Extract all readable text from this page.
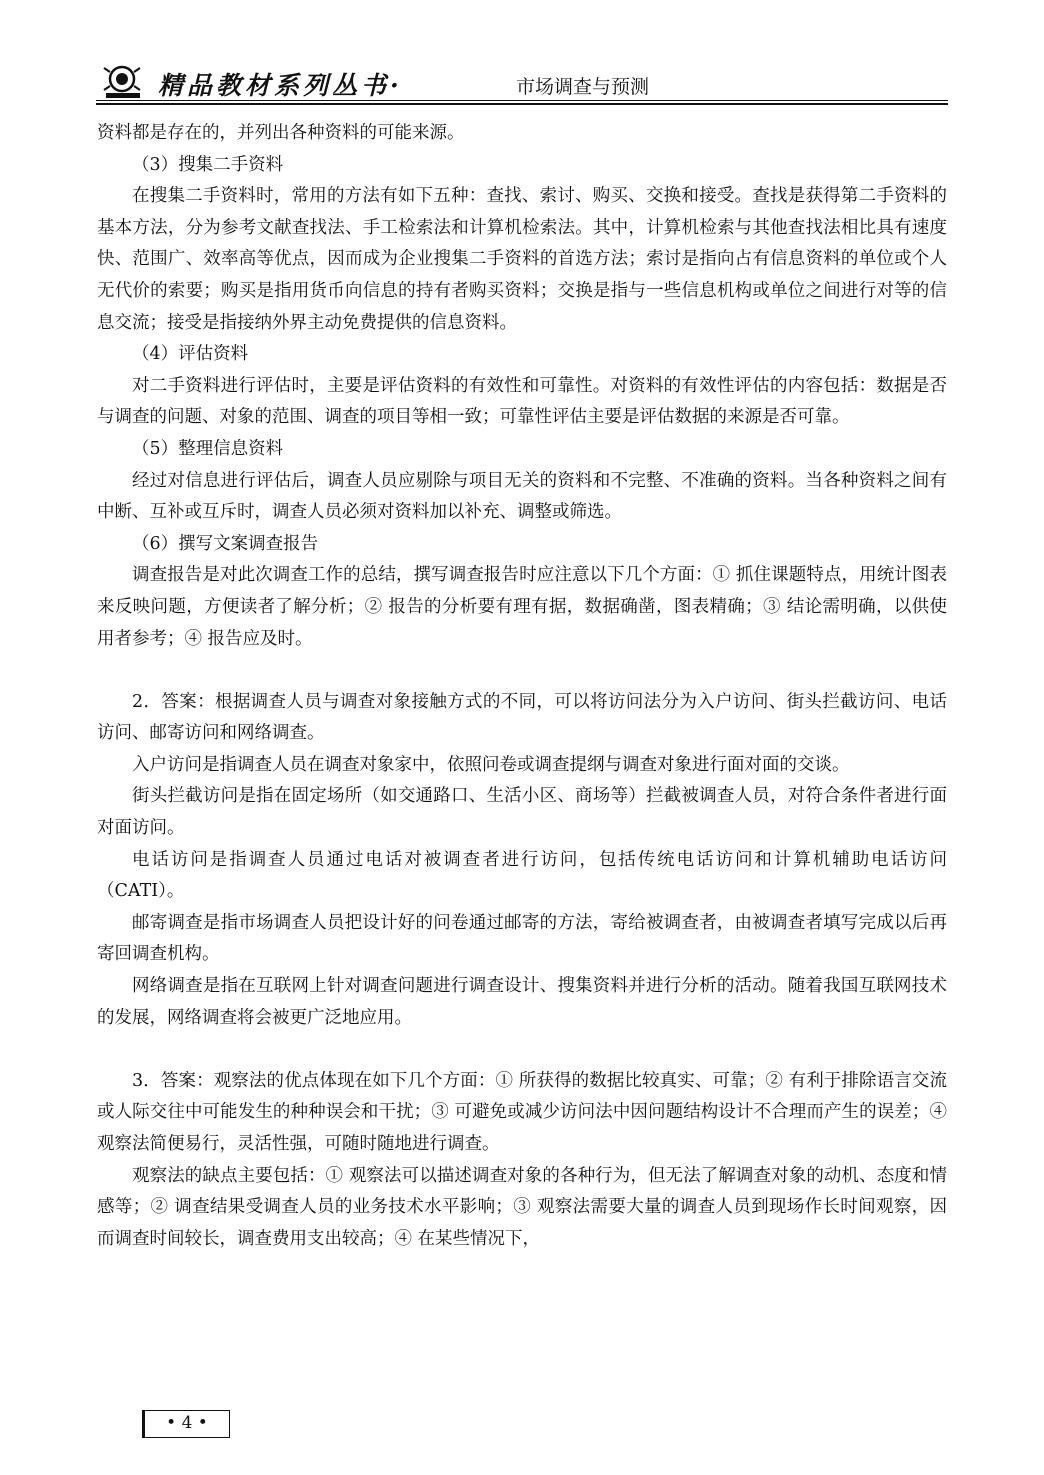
精品教材系列丛书·	市场调查与预测

资料都是存在的，并列出各种资料的可能来源。

（3）搜集二手资料

在搜集二手资料时，常用的方法有如下五种：查找、索讨、购买、交换和接受。查找是获得第二手资料的基本方法，分为参考文献查找法、手工检索法和计算机检索法。其中，计算机检索与其他查找法相比具有速度快、范围广、效率高等优点，因而成为企业搜集二手资料的首选方法；索讨是指向占有信息资料的单位或个人无代价的索要；购买是指用货币向信息的持有者购买资料；交换是指与一些信息机构或单位之间进行对等的信息交流；接受是指接纳外界主动免费提供的信息资料。

（4）评估资料

对二手资料进行评估时，主要是评估资料的有效性和可靠性。对资料的有效性评估的内容包括：数据是否与调查的问题、对象的范围、调查的项目等相一致；可靠性评估主要是评估数据的来源是否可靠。

（5）整理信息资料

经过对信息进行评估后，调查人员应剔除与项目无关的资料和不完整、不准确的资料。当各种资料之间有中断、互补或互斥时，调查人员必须对资料加以补充、调整或筛选。

（6）撰写文案调查报告

调查报告是对此次调查工作的总结，撰写调查报告时应注意以下几个方面：① 抓住课题特点，用统计图表来反映问题，方便读者了解分析；② 报告的分析要有理有据，数据确凿，图表精确；③ 结论需明确，以供使用者参考；④ 报告应及时。

2．答案：根据调查人员与调查对象接触方式的不同，可以将访问法分为入户访问、街头拦截访问、电话访问、邮寄访问和网络调查。

入户访问是指调查人员在调查对象家中，依照问卷或调查提纲与调查对象进行面对面的交谈。

街头拦截访问是指在固定场所（如交通路口、生活小区、商场等）拦截被调查人员，对符合条件者进行面对面访问。

电话访问是指调查人员通过电话对被调查者进行访问，包括传统电话访问和计算机辅助电话访问（CATI）。

邮寄调查是指市场调查人员把设计好的问卷通过邮寄的方法，寄给被调查者，由被调查者填写完成以后再寄回调查机构。

网络调查是指在互联网上针对调查问题进行调查设计、搜集资料并进行分析的活动。随着我国互联网技术的发展，网络调查将会被更广泛地应用。

3．答案：观察法的优点体现在如下几个方面：① 所获得的数据比较真实、可靠；② 有利于排除语言交流或人际交往中可能发生的种种误会和干扰；③ 可避免或减少访问法中因问题结构设计不合理而产生的误差；④ 观察法简便易行，灵活性强，可随时随地进行调查。

观察法的缺点主要包括：① 观察法可以描述调查对象的各种行为，但无法了解调查对象的动机、态度和情感等；② 调查结果受调查人员的业务技术水平影响；③ 观察法需要大量的调查人员到现场作长时间观察，因而调查时间较长，调查费用支出较高；④ 在某些情况下，

• 4 •
